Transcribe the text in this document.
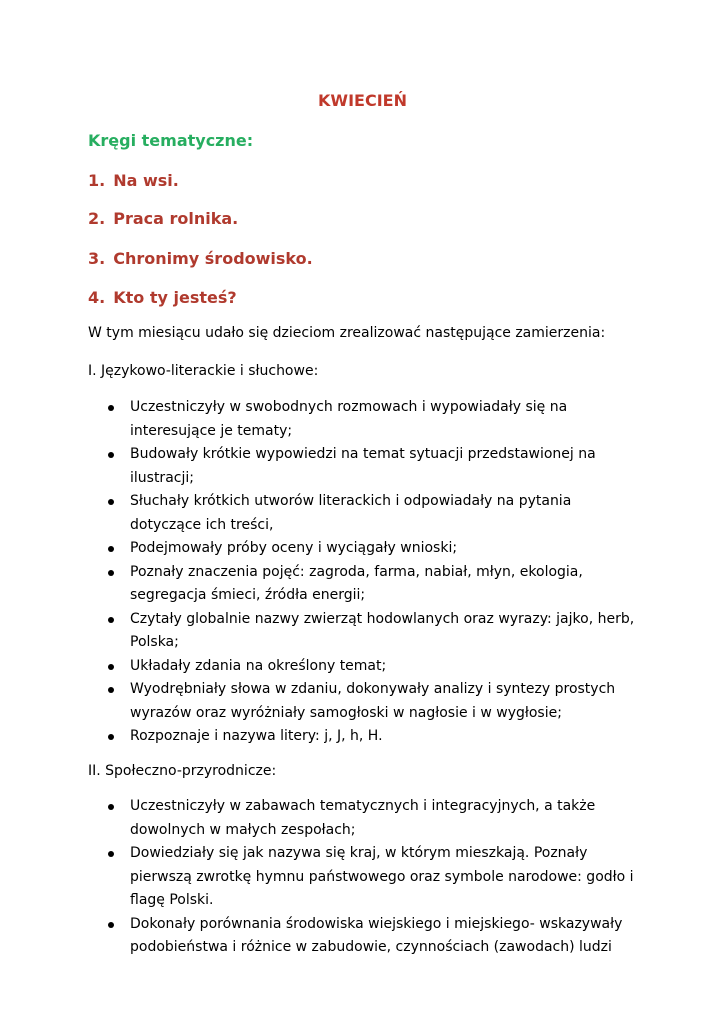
KWIECIEŃ
Kręgi tematyczne:

1. Na wsi.

2. Praca rolnika.

3. Chronimy środowisko.

4. Kto ty jesteś?

W tym miesiącu udało się dzieciom zrealizować następujące zamierzenia:

I. Językowo-literackie i słuchowe:

Uczestniczyły w swobodnych rozmowach i wypowiadały się na interesujące je tematy;
Budowały krótkie wypowiedzi na temat sytuacji przedstawionej na ilustracji;
Słuchały krótkich utworów literackich i odpowiadały na pytania dotyczące ich treści,
Podejmowały próby oceny i wyciągały wnioski;
Poznały znaczenia pojęć: zagroda, farma, nabiał, młyn, ekologia, segregacja śmieci, źródła energii;
Czytały globalnie nazwy zwierząt hodowlanych oraz wyrazy: jajko, herb, Polska;
Układały zdania na określony temat;
Wyodrębniały słowa w zdaniu, dokonywały analizy i syntezy prostych wyrazów oraz wyróżniały samogłoski w nagłosie i w wygłosie;
Rozpoznaje i nazywa litery: j, J, h, H.

II. Społeczno-przyrodnicze:

Uczestniczyły w zabawach tematycznych i integracyjnych, a także dowolnych w małych zespołach;
Dowiedziały się jak nazywa się kraj, w którym mieszkają. Poznały pierwszą zwrotkę hymnu państwowego oraz symbole narodowe: godło i flagę Polski.
Dokonały porównania środowiska wiejskiego i miejskiego- wskazywały podobieństwa i różnice w zabudowie, czynnościach (zawodach) ludzi
